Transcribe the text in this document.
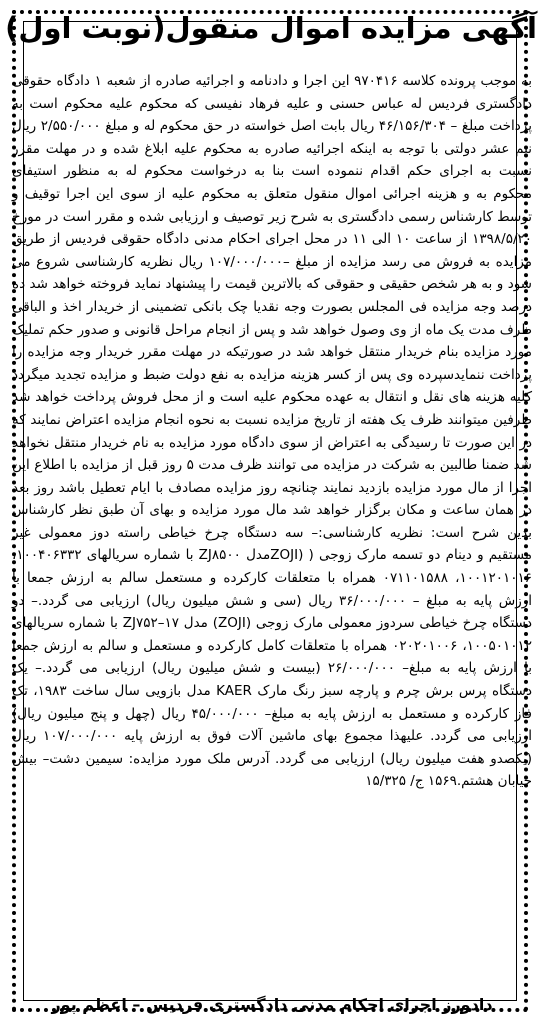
آگهی مزایده اموال منقول(نوبت اول)

به موجب پرونده کلاسه ۹۷۰۴۱۶ این اجرا و دادنامه و اجرائیه صادره از شعبه ۱ دادگاه حقوقی دادگستری فردیس له عباس حسنی و علیه فرهاد نفیسی که محکوم علیه محکوم است به پرداخت مبلغ – ۴۶/۱۵۶/۳۰۴ ریال بابت اصل خواسته در حق محکوم له و مبلغ ۲/۵۵۰/۰۰۰ ریال نیم عشر دولتی با توجه به اینکه اجرائیه صادره به محکوم علیه ابلاغ شده و در مهلت مقرر نسبت به اجرای حکم اقدام ننموده است بنا به درخواست محکوم له به منظور استیفای محکوم به و هزینه اجرائی اموال منقول متعلق به محکوم علیه از سوی این اجرا توقیف و توسط کارشناس رسمی دادگستری به شرح زیر توصیف و ارزیابی شده و مقرر است در مورخ ۱۳۹۸/۵/۲۰ از ساعت ۱۰ الی ۱۱ در محل اجرای احکام مدنی دادگاه حقوقی فردیس از طریق مزایده به فروش می رسد مزایده از مبلغ –۱۰۷/۰۰۰/۰۰۰ ریال نظریه کارشناسی شروع می شود و به هر شخص حقیقی و حقوقی که بالاترین قیمت را پیشنهاد نماید فروخته خواهد شد ده درصد وجه مزایده فی المجلس بصورت وجه نقدیا چک بانکی تضمینی از خریدار اخذ و الباقی ظرف مدت یک ماه از وی وصول خواهد شد و پس از انجام مراحل قانونی و صدور حکم تملیک مورد مزایده بنام خریدار منتقل خواهد شد در صورتیکه در مهلت مقرر خریدار وجه مزایده را پرداخت ننمایدسپرده وی پس از کسر هزینه مزایده به نفع دولت ضبط و مزایده تجدید میگردد کلیه هزینه های نقل و انتقال به عهده محکوم علیه است و از محل فروش پرداخت خواهد شد طرفین میتوانند ظرف یک هفته از تاریخ مزایده نسبت به نحوه انجام مزایده اعتراض نمایند که در این صورت تا رسیدگی به اعتراض از سوی دادگاه مورد مزایده به نام خریدار منتقل نخواهد شد ضمنا طالبین به شرکت در مزایده می توانند ظرف مدت ۵ روز قبل از مزایده با اطلاع این اجرا از مال مورد مزایده بازدید نمایند چنانچه روز مزایده مصادف با ایام تعطیل باشد روز بعد در همان ساعت و مکان برگزار خواهد شد مال مورد مزایده و بهای آن طبق نظر کارشناس بدین شرح است: نظریه کارشناسی:– سه دستگاه چرخ خیاطی راسته دوز معمولی غیر مستقیم و دینام دو تسمه مارک زوجی ( (ZOJIمدل ZJ۸۵۰۰ با شماره سریالهای ۱۰۰۴۰۶۳۳۲، ۱۰۰۱۲۰۱۰۱۶، ۰۷۱۱۰۱۵۸۸ همراه با متعلقات کارکرده و مستعمل سالم به ارزش جمعا با ارزش پایه به مبلغ – ۳۶/۰۰۰/۰۰۰ ریال (سی و شش میلیون ریال) ارزیابی می گردد.– دو دستگاه چرخ خیاطی سردوز معمولی مارک زوجی (ZOJI) مدل ZJ۷۵۲–۱۷ با شماره سریالهای ۱۰۰۵۰۱۰۱۲، ۰۲۰۲۰۱۰۰۶ همراه با متعلقات کامل کارکرده و مستعمل و سالم به ارزش جمعا با ارزش پایه به مبلغ– ۲۶/۰۰۰/۰۰۰ (بیست و شش میلیون ریال) ارزیابی می گردد.– یک دستگاه پرس برش چرم و پارچه سبز رنگ مارک KAER مدل بازویی سال ساخت ۱۹۸۳، تک فاز کارکرده و مستعمل به ارزش پایه به مبلغ– ۴۵/۰۰۰/۰۰۰ ریال (چهل و پنج میلیون ریال) ارزیابی می گردد. علیهذا مجموع بهای ماشین آلات فوق به ارزش پایه ۱۰۷/۰۰۰/۰۰۰ ریال (یکصدو هفت میلیون ریال) ارزیابی می گردد. آدرس ملک مورد مزایده: سیمین دشت– بیش خیابان هشتم.۱۵۶۹ ج/ ۱۵/۳۲۵

دادورز اجرای احکام مدنی دادگستری فردیس – اعظم پور
